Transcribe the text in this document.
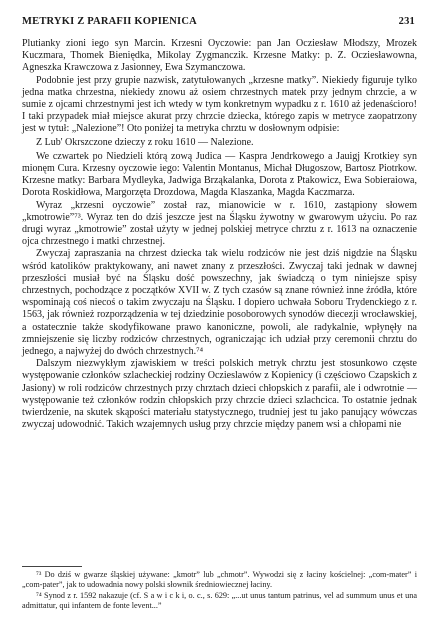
METRYKI Z PARAFII KOPIENICA	231

Plutianky zioni iego syn Marcin. Krzesni Oyczowie: pan Jan Ocziesław Młodszy, Mrozek Kuczmara, Thomek Bieniędka, Mikolay Zygmanczik. Krzesne Matky: p. Z. Ocziesławowna, Agneszka Krawczowa z Jasionney, Ewa Szymanczowa.

Podobnie jest przy grupie nazwisk, zatytułowanych „krzesne matky”. Niekiedy figuruje tylko jedna matka chrzestna, niekiedy znowu aż osiem chrzestnych matek przy jednym chrzcie, a w sumie z ojcami chrzestnymi jest ich wtedy w tym konkretnym wypadku z r. 1610 aż jedenaścioro! I taki przypadek miał miejsce akurat przy chrzcie dziecka, którego zapis w metryce zaopatrzony jest w tytuł: „Nalezione”! Oto poniżej ta metryka chrztu w dosłownym odpisie:

Z Lub' Okrszczone dzieczy z roku 1610 — Nalezione.

We czwartek po Niedzieli którą zową Judica — Kaspra Jendrkowego a Jauigj Krotkiey syn mionęm Cura. Krzesny oyczowie iego: Valentin Montanus, Michał Długoszow, Bartosz Piotrkow. Krzesne matky: Barbara Mydleyka, Jadwiga Brząkalanka, Dorota z Ptakowicz, Ewa Sobieraiowa, Dorota Roskidłowa, Margorzęta Drozdowa, Magda Klaszanka, Magda Kaczmarza.

Wyraz „krzesni oyczowie” został raz, mianowicie w r. 1610, zastąpiony słowem „kmotrowie”⁷³. Wyraz ten do dziś jeszcze jest na Śląsku żywotny w gwarowym użyciu. Po raz drugi wyraz „kmotrowie” został użyty w jednej polskiej metryce chrztu z r. 1613 na oznaczenie ojca chrzestnego i matki chrzestnej.

Zwyczaj zapraszania na chrzest dziecka tak wielu rodziców nie jest dziś nigdzie na Śląsku wśród katolików praktykowany, ani nawet znany z przeszłości. Zwyczaj taki jednak w dawnej przeszłości musiał być na Śląsku dość powszechny, jak świadczą o tym niniejsze spisy chrzestnych, pochodzące z początków XVII w. Z tych czasów są znane również inne źródła, które wspominają coś niecoś o takim zwyczaju na Śląsku. I dopiero uchwała Soboru Trydenckiego z r. 1563, jak również rozporządzenia w tej dziedzinie posoborowych synodów diecezji wrocławskiej, a ostatecznie także skodyfikowane prawo kanoniczne, powoli, ale radykalnie, wpłynęły na zmniejszenie się liczby rodziców chrzestnych, ograniczając ich udział przy ceremonii chrztu do jednego, a najwyżej do dwóch chrzestnych.⁷⁴

Dalszym niezwykłym zjawiskiem w treści polskich metryk chrztu jest stosunkowo częste występowanie członków szlacheckiej rodziny Oczieslawów z Kopienicy (i częściowo Czapskich z Jasiony) w roli rodziców chrzestnych przy chrztach dzieci chłopskich z parafii, ale i odwrotnie — występowanie też członków rodzin chłopskich przy chrzcie dzieci szlachcica. To ostatnie jednak twierdzenie, na skutek skąpości materiału statystycznego, trudniej jest tu jako panujący wówczas zwyczaj udowodnić. Takich wzajemnych usług przy chrzcie między panem wsi a chłopami nie

⁷³ Do dziś w gwarze śląskiej używane: „kmotr” lub „chmotr”. Wywodzi się z łaciny kościelnej: „com-mater” i „com-pater”, jak to udowadnia nowy polski słownik średniowiecznej łaciny.

⁷⁴ Synod z r. 1592 nakazuje (cf. S a w i c k i, o. c., s. 629: „...ut unus tantum patrinus, vel ad summum unus et una admittatur, qui infantem de fonte levent...”
